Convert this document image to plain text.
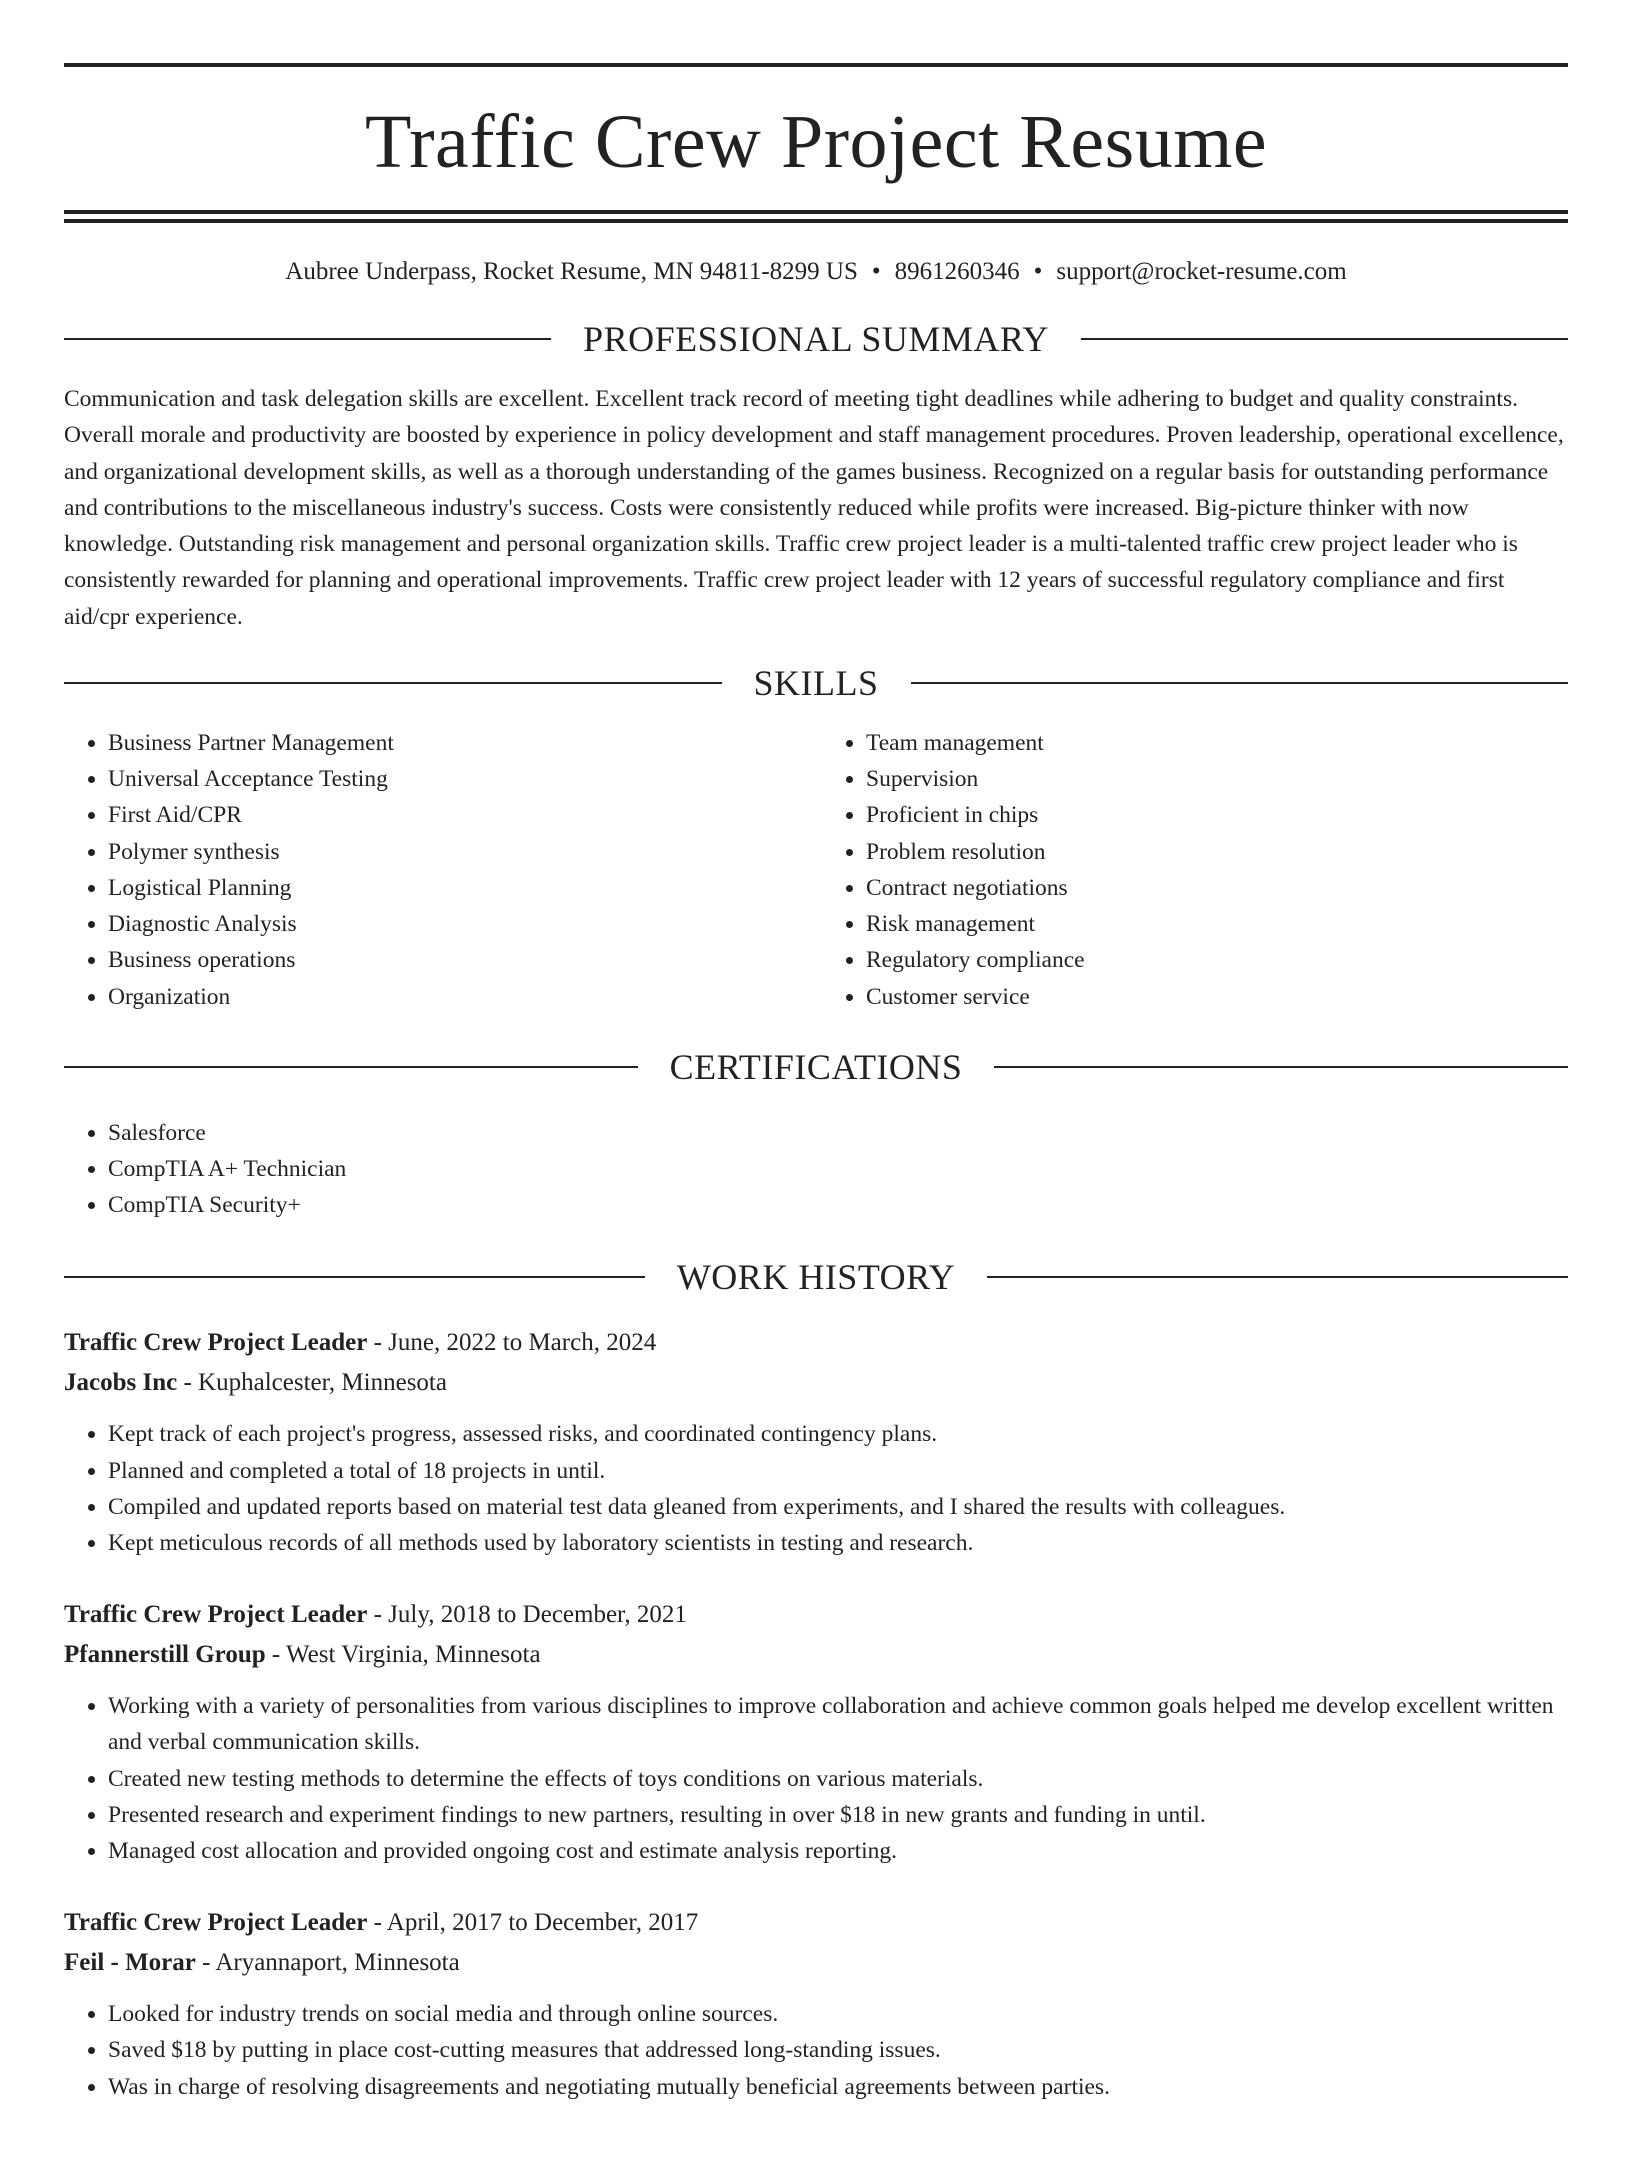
Traffic Crew Project Resume
Aubree Underpass, Rocket Resume, MN 94811-8299 US • 8961260346 • support@rocket-resume.com
PROFESSIONAL SUMMARY

Communication and task delegation skills are excellent. Excellent track record of meeting tight deadlines while adhering to budget and quality constraints. Overall morale and productivity are boosted by experience in policy development and staff management procedures. Proven leadership, operational excellence, and organizational development skills, as well as a thorough understanding of the games business. Recognized on a regular basis for outstanding performance and contributions to the miscellaneous industry's success. Costs were consistently reduced while profits were increased. Big-picture thinker with now knowledge. Outstanding risk management and personal organization skills. Traffic crew project leader is a multi-talented traffic crew project leader who is consistently rewarded for planning and operational improvements. Traffic crew project leader with 12 years of successful regulatory compliance and first aid/cpr experience.

SKILLS
• Business Partner Management
• Universal Acceptance Testing
• First Aid/CPR
• Polymer synthesis
• Logistical Planning
• Diagnostic Analysis
• Business operations
• Organization
• Team management
• Supervision
• Proficient in chips
• Problem resolution
• Contract negotiations
• Risk management
• Regulatory compliance
• Customer service
CERTIFICATIONS
• Salesforce
• CompTIA A+ Technician
• CompTIA Security+
WORK HISTORY
Traffic Crew Project Leader - June, 2022 to March, 2024
Jacobs Inc - Kuphalcester, Minnesota
• Kept track of each project's progress, assessed risks, and coordinated contingency plans.
• Planned and completed a total of 18 projects in until.
• Compiled and updated reports based on material test data gleaned from experiments, and I shared the results with colleagues.
• Kept meticulous records of all methods used by laboratory scientists in testing and research.
Traffic Crew Project Leader - July, 2018 to December, 2021
Pfannerstill Group - West Virginia, Minnesota
• Working with a variety of personalities from various disciplines to improve collaboration and achieve common goals helped me develop excellent written and verbal communication skills.
• Created new testing methods to determine the effects of toys conditions on various materials.
• Presented research and experiment findings to new partners, resulting in over $18 in new grants and funding in until.
• Managed cost allocation and provided ongoing cost and estimate analysis reporting.
Traffic Crew Project Leader - April, 2017 to December, 2017
Feil - Morar - Aryannaport, Minnesota
• Looked for industry trends on social media and through online sources.
• Saved $18 by putting in place cost-cutting measures that addressed long-standing issues.
• Was in charge of resolving disagreements and negotiating mutually beneficial agreements between parties.
